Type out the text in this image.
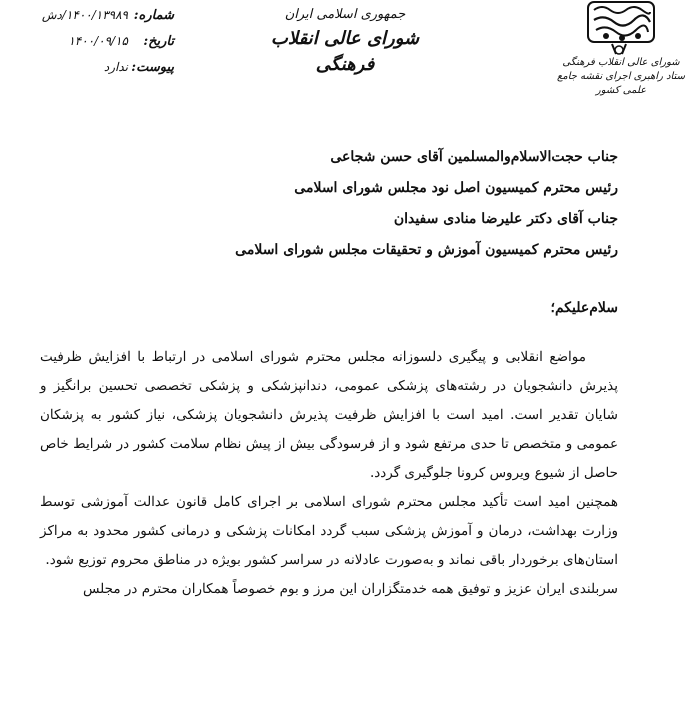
شورای عالی انقلاب فرهنگی
ستاد راهبری اجرای نقشه جامع علمی کشور
جمهوری اسلامی ایران
شورای عالی انقلاب فرهنگی
شماره:
۱۴۰۰/۱۳۹۸۹/دش
تاریخ:
۱۴۰۰/۰۹/۱۵
پیوست:
ندارد
جناب حجت‌الاسلام‌والمسلمین آقای حسن شجاعی
رئیس محترم کمیسیون اصل نود مجلس شورای اسلامی
جناب آقای دکتر علیرضا منادی سفیدان
رئیس محترم کمیسیون آموزش و تحقیقات مجلس شورای اسلامی
سلام‌علیکم؛

مواضع انقلابی و پیگیری دلسوزانه مجلس محترم شورای اسلامی در ارتباط با افزایش ظرفیت پذیرش دانشجویان در رشته‌های پزشکی عمومی، دندانپزشکی و پزشکی تخصصی تحسین برانگیز و شایان تقدیر است. امید است با افزایش ظرفیت پذیرش دانشجویان پزشکی، نیاز کشور به پزشکان عمومی و متخصص تا حدی مرتفع شود و از فرسودگی بیش از پیش نظام سلامت کشور در شرایط خاص حاصل از شیوع ویروس کرونا جلوگیری گردد.

همچنین امید است تأکید مجلس محترم شورای اسلامی بر اجرای کامل قانون عدالت آموزشی توسط وزارت بهداشت، درمان و آموزش پزشکی سبب گردد امکانات پزشکی و درمانی کشور محدود به مراکز استان‌های برخوردار باقی نماند و به‌صورت عادلانه در سراسر کشور بویژه در مناطق محروم توزیع شود.

سربلندی ایران عزیز و توفیق همه خدمتگزاران این مرز و بوم خصوصاً همکاران محترم در مجلس
